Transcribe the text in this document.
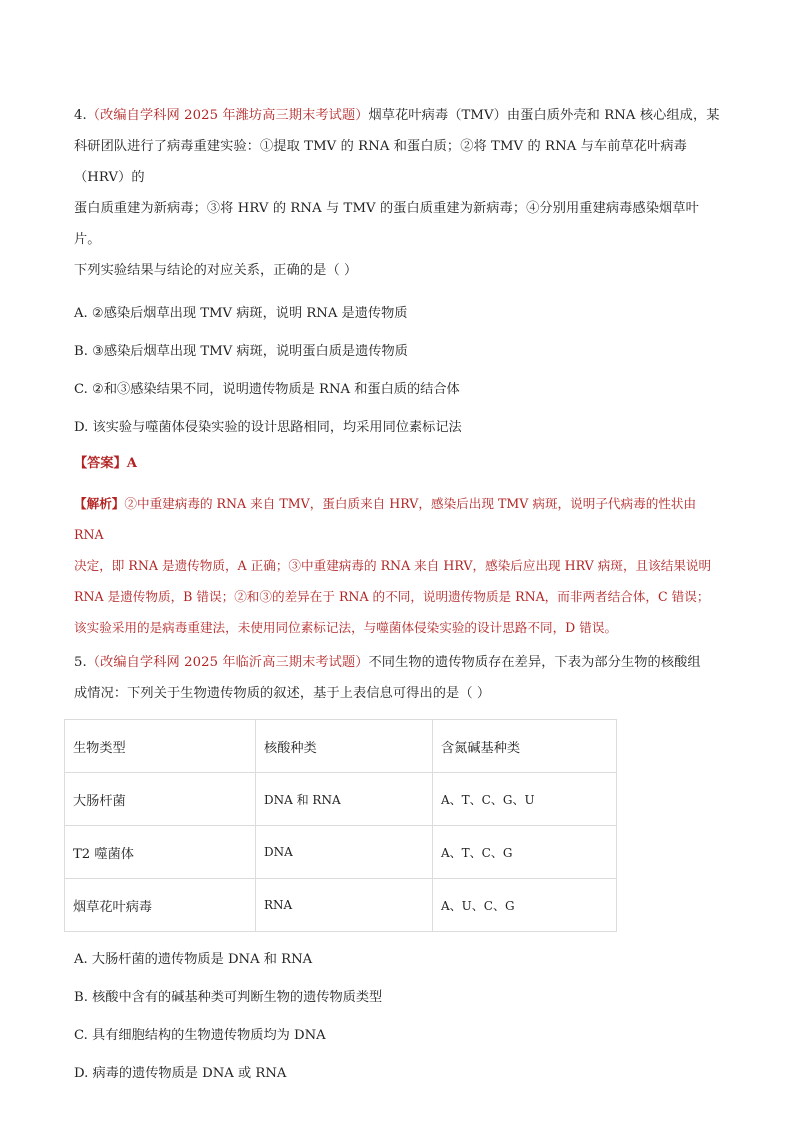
4.（改编自学科网 2025 年潍坊高三期末考试题）烟草花叶病毒（TMV）由蛋白质外壳和 RNA 核心组成，某
科研团队进行了病毒重建实验：①提取 TMV 的 RNA 和蛋白质；②将 TMV 的 RNA 与车前草花叶病毒（HRV）的
蛋白质重建为新病毒；③将 HRV 的 RNA 与 TMV 的蛋白质重建为新病毒；④分别用重建病毒感染烟草叶片。
下列实验结果与结论的对应关系，正确的是（ ）
A. ②感染后烟草出现 TMV 病斑，说明 RNA 是遗传物质
B. ③感染后烟草出现 TMV 病斑，说明蛋白质是遗传物质
C. ②和③感染结果不同，说明遗传物质是 RNA 和蛋白质的结合体
D. 该实验与噬菌体侵染实验的设计思路相同，均采用同位素标记法
【答案】A
【解析】②中重建病毒的 RNA 来自 TMV，蛋白质来自 HRV，感染后出现 TMV 病斑，说明子代病毒的性状由 RNA
决定，即 RNA 是遗传物质，A 正确；③中重建病毒的 RNA 来自 HRV，感染后应出现 HRV 病斑，且该结果说明
RNA 是遗传物质，B 错误；②和③的差异在于 RNA 的不同，说明遗传物质是 RNA，而非两者结合体，C 错误；
该实验采用的是病毒重建法，未使用同位素标记法，与噬菌体侵染实验的设计思路不同，D 错误。
5.（改编自学科网 2025 年临沂高三期末考试题）不同生物的遗传物质存在差异，下表为部分生物的核酸组
成情况：下列关于生物遗传物质的叙述，基于上表信息可得出的是（ ）
生物类型	核酸种类	含氮碱基种类
大肠杆菌	DNA 和 RNA	A、T、C、G、U
T2 噬菌体	DNA	A、T、C、G
烟草花叶病毒	RNA	A、U、C、G
A. 大肠杆菌的遗传物质是 DNA 和 RNA
B. 核酸中含有的碱基种类可判断生物的遗传物质类型
C. 具有细胞结构的生物遗传物质均为 DNA
D. 病毒的遗传物质是 DNA 或 RNA
